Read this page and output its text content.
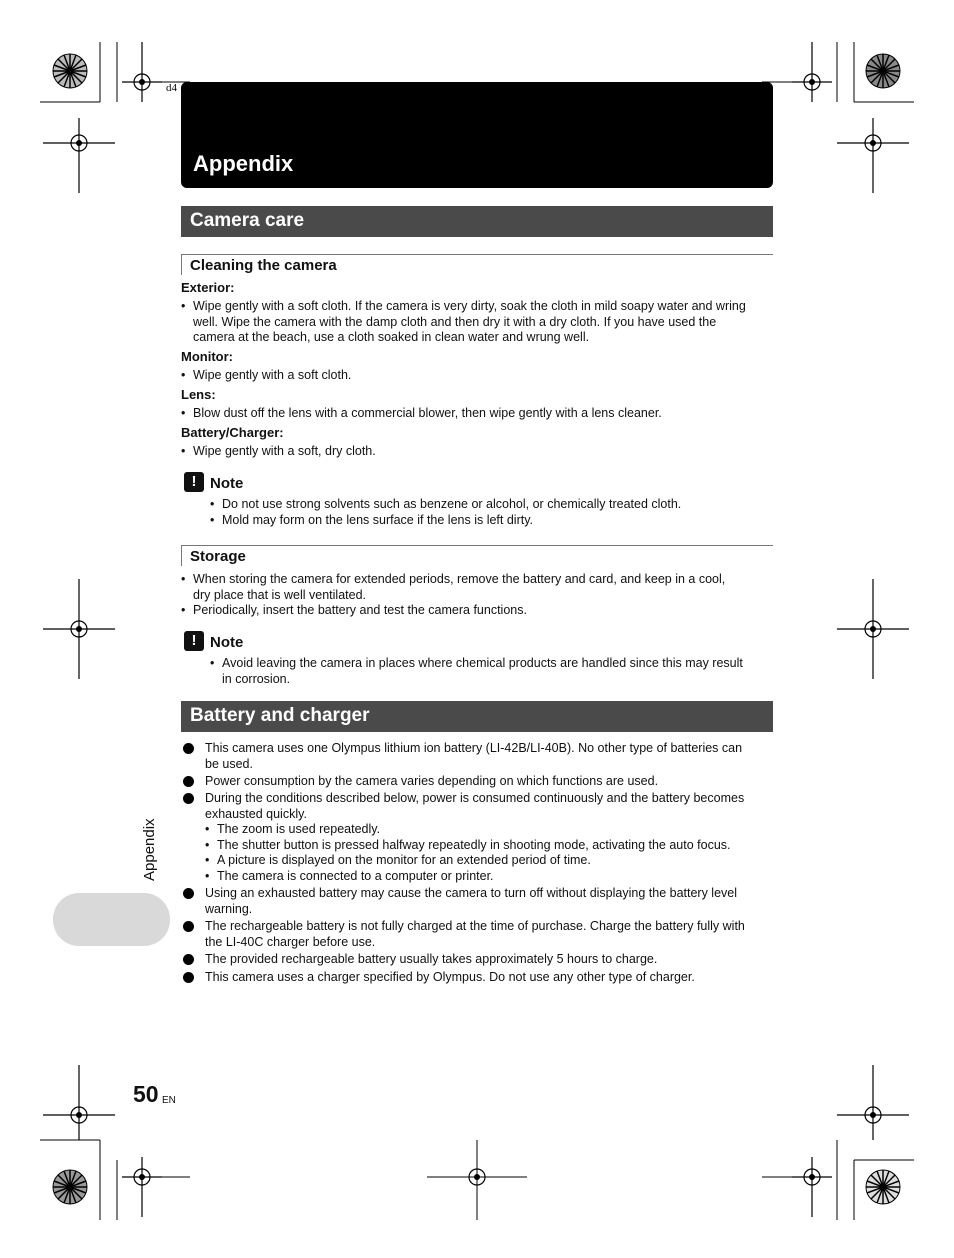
d4
Appendix
Camera care
Cleaning the camera
Exterior:
• Wipe gently with a soft cloth. If the camera is very dirty, soak the cloth in mild soapy water and wring
well. Wipe the camera with the damp cloth and then dry it with a dry cloth. If you have used the
camera at the beach, use a cloth soaked in clean water and wrung well.
Monitor:
• Wipe gently with a soft cloth.
Lens:
• Blow dust off the lens with a commercial blower, then wipe gently with a lens cleaner.
Battery/Charger:
• Wipe gently with a soft, dry cloth.
! Note
• Do not use strong solvents such as benzene or alcohol, or chemically treated cloth.
• Mold may form on the lens surface if the lens is left dirty.
Storage
• When storing the camera for extended periods, remove the battery and card, and keep in a cool,
dry place that is well ventilated.
• Periodically, insert the battery and test the camera functions.
! Note
• Avoid leaving the camera in places where chemical products are handled since this may result
in corrosion.
Battery and charger
This camera uses one Olympus lithium ion battery (LI-42B/LI-40B). No other type of batteries can
be used.
Power consumption by the camera varies depending on which functions are used.
During the conditions described below, power is consumed continuously and the battery becomes
exhausted quickly.
• The zoom is used repeatedly.
• The shutter button is pressed halfway repeatedly in shooting mode, activating the auto focus.
• A picture is displayed on the monitor for an extended period of time.
• The camera is connected to a computer or printer.
Using an exhausted battery may cause the camera to turn off without displaying the battery level
warning.
The rechargeable battery is not fully charged at the time of purchase. Charge the battery fully with
the LI-40C charger before use.
The provided rechargeable battery usually takes approximately 5 hours to charge.
This camera uses a charger specified by Olympus. Do not use any other type of charger.
Appendix
50 EN
